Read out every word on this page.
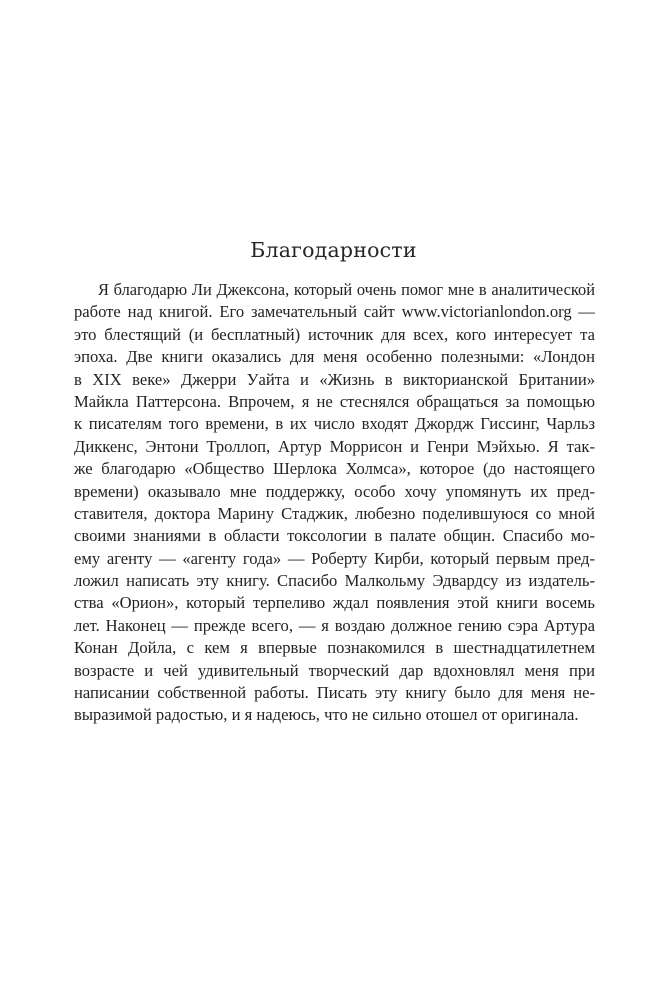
Благодарности
Я благодарю Ли Джексона, который очень помог мне в аналитической
работе над книгой. Его замечательный сайт www.victorianlondon.org —
это блестящий (и бесплатный) источник для всех, кого интересует та
эпоха. Две книги оказались для меня особенно полезными: «Лондон
в XIX веке» Джерри Уайта и «Жизнь в викторианской Британии»
Майкла Паттерсона. Впрочем, я не стеснялся обращаться за помощью
к писателям того времени, в их число входят Джордж Гиссинг, Чарльз
Диккенс, Энтони Троллоп, Артур Моррисон и Генри Мэйхью. Я так-
же благодарю «Общество Шерлока Холмса», которое (до настоящего
времени) оказывало мне поддержку, особо хочу упомянуть их пред-
ставителя, доктора Марину Стаджик, любезно поделившуюся со мной
своими знаниями в области токсологии в палате общин. Спасибо мо-
ему агенту — «агенту года» — Роберту Кирби, который первым пред-
ложил написать эту книгу. Спасибо Малкольму Эдвардсу из издатель-
ства «Орион», который терпеливо ждал появления этой книги восемь
лет. Наконец — прежде всего, — я воздаю должное гению сэра Артура
Конан Дойла, с кем я впервые познакомился в шестнадцатилетнем
возрасте и чей удивительный творческий дар вдохновлял меня при
написании собственной работы. Писать эту книгу было для меня не-
выразимой радостью, и я надеюсь, что не сильно отошел от оригинала.
